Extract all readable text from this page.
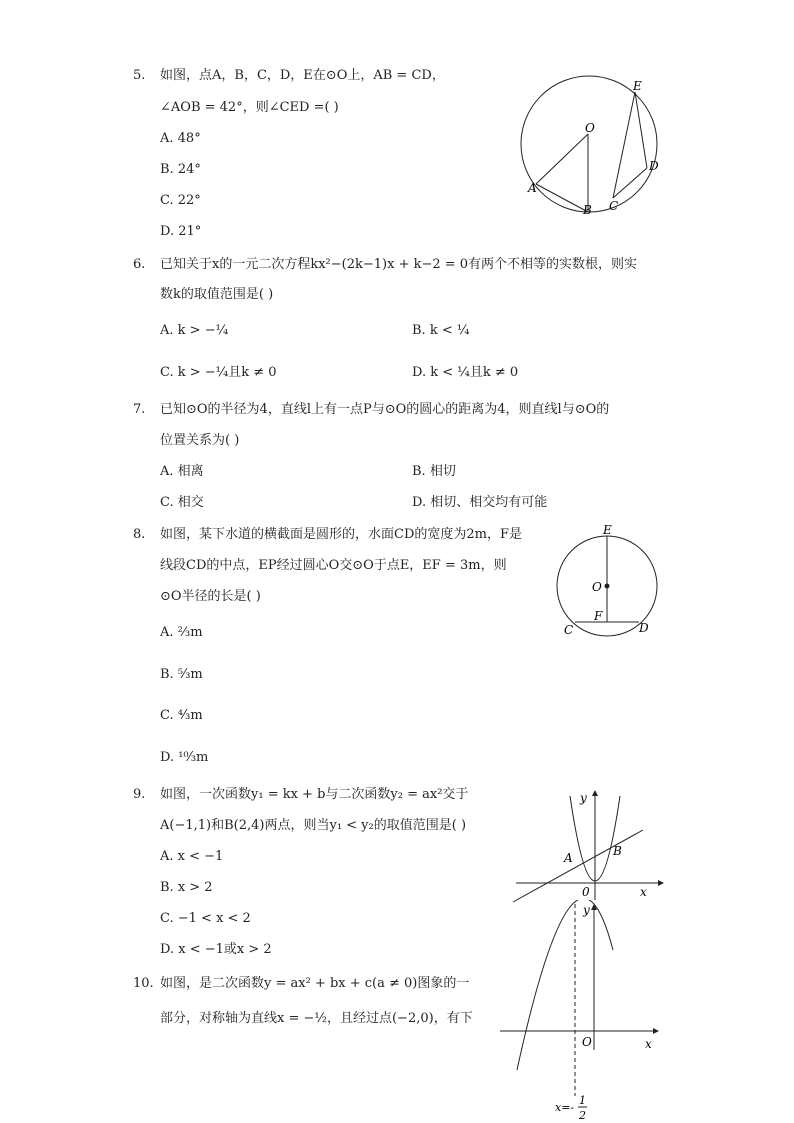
5. 如图，点A，B，C，D，E在⊙O上，AB = CD，
∠AOB = 42°，则∠CED =( )
A. 48°
B. 24°
C. 22°
D. 21°
E
O
D
A
B C
6. 已知关于x的一元二次方程kx²−(2k−1)x + k−2 = 0有两个不相等的实数根，则实
数k的取值范围是( )
A. k > −¼	B. k < ¼
C. k > −¼且k ≠ 0	D. k < ¼且k ≠ 0
7. 已知⊙O的半径为4，直线l上有一点P与⊙O的圆心的距离为4，则直线l与⊙O的
位置关系为( )
A. 相离	B. 相切
C. 相交	D. 相切、相交均有可能
8. 如图，某下水道的横截面是圆形的，水面CD的宽度为2m，F是
线段CD的中点，EP经过圆心O交⊙O于点E，EF = 3m，则
⊙O半径的长是( )
A. ⅔m
B. ⁵⁄₃m
C. ⁴⁄₃m
D. ¹⁰⁄₃m
E
O
F
C	D
9. 如图，一次函数y₁ = kx + b与二次函数y₂ = ax²交于
A(−1,1)和B(2,4)两点，则当y₁ < y₂的取值范围是( )
A. x < −1
B. x > 2
C. −1 < x < 2
D. x < −1或x > 2
y
x
A	B
0
10. 如图，是二次函数y = ax² + bx + c(a ≠ 0)图象的一
部分，对称轴为直线x = −½，且经过点(−2,0)，有下
y
x
O
x=-
1
2
